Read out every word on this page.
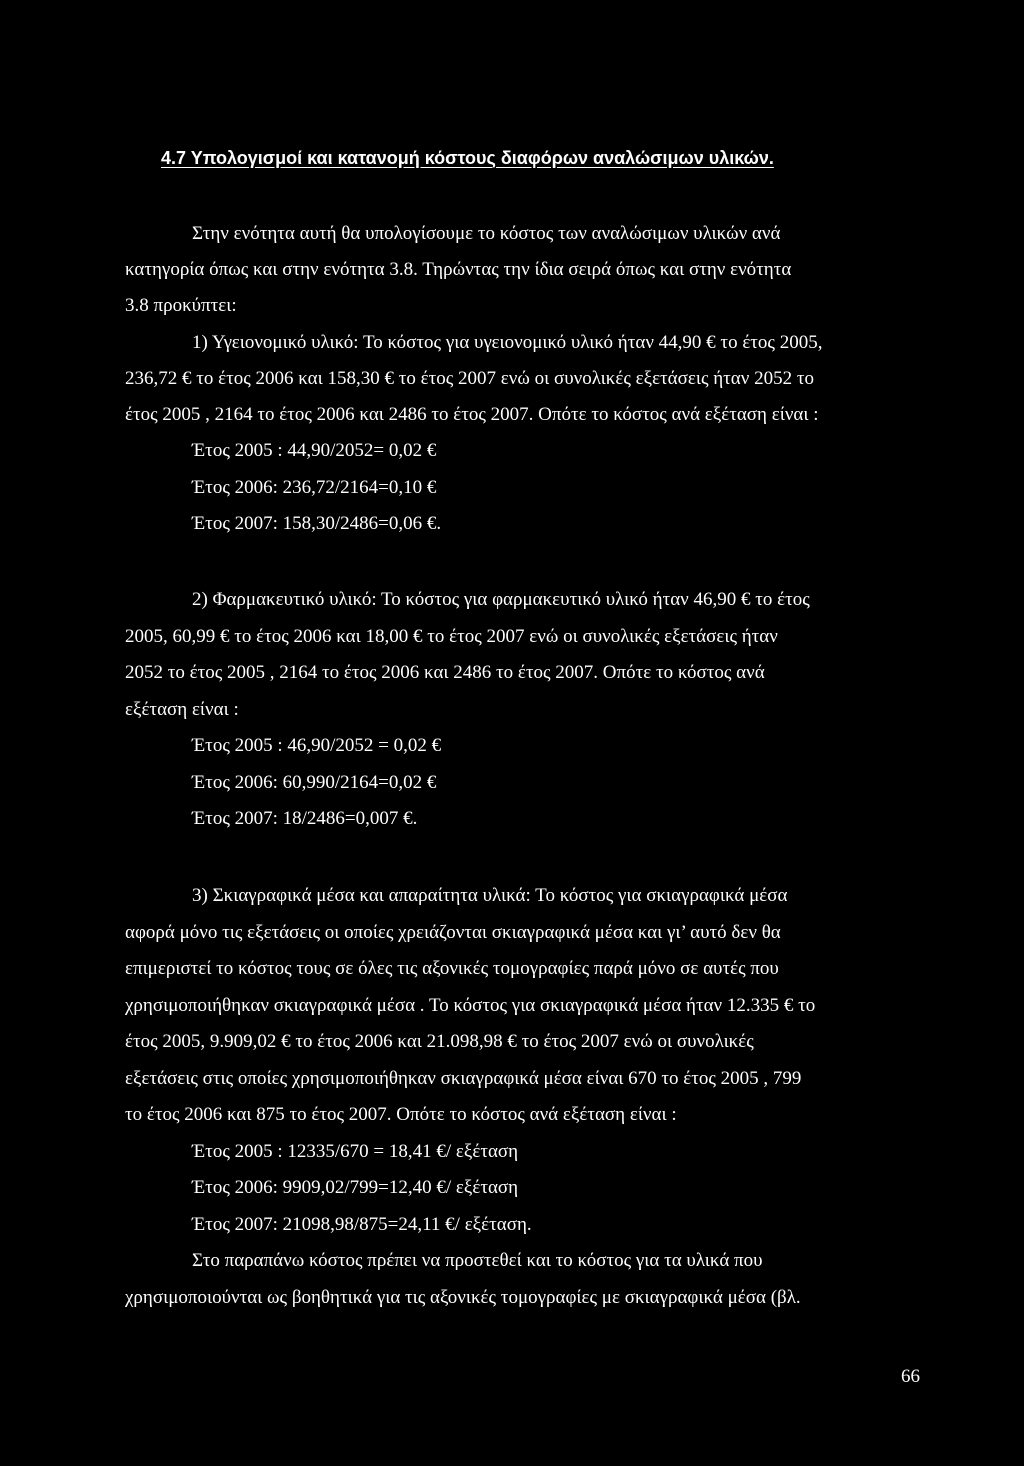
4.7 Υπολογισμοί και κατανομή κόστους διαφόρων αναλώσιμων υλικών.
Στην ενότητα αυτή θα υπολογίσουμε το κόστος των αναλώσιμων υλικών ανά
κατηγορία όπως και στην ενότητα 3.8. Τηρώντας την ίδια σειρά όπως και στην ενότητα
3.8 προκύπτει:
1) Υγειονομικό υλικό: Το κόστος για υγειονομικό υλικό ήταν 44,90 € το έτος 2005,
236,72 € το έτος 2006 και 158,30 € το έτος 2007 ενώ οι συνολικές εξετάσεις ήταν 2052 το
έτος 2005 , 2164 το έτος 2006 και 2486 το έτος 2007. Οπότε το κόστος ανά εξέταση είναι :
Έτος 2005 : 44,90/2052= 0,02 €
Έτος 2006: 236,72/2164=0,10 €
Έτος 2007: 158,30/2486=0,06 €.
2) Φαρμακευτικό υλικό: Το κόστος για φαρμακευτικό υλικό ήταν 46,90 € το έτος
2005, 60,99 € το έτος 2006 και 18,00 € το έτος 2007 ενώ οι συνολικές εξετάσεις ήταν
2052 το έτος 2005 , 2164 το έτος 2006 και 2486 το έτος 2007. Οπότε το κόστος ανά
εξέταση είναι :
Έτος 2005 : 46,90/2052 = 0,02 €
Έτος 2006: 60,990/2164=0,02 €
Έτος 2007: 18/2486=0,007 €.
3) Σκιαγραφικά μέσα και απαραίτητα υλικά: Το κόστος για σκιαγραφικά μέσα
αφορά μόνο τις εξετάσεις οι οποίες χρειάζονται σκιαγραφικά μέσα και γι’ αυτό δεν θα
επιμεριστεί το κόστος τους σε όλες τις αξονικές τομογραφίες παρά μόνο σε αυτές που
χρησιμοποιήθηκαν σκιαγραφικά μέσα . Το κόστος για σκιαγραφικά μέσα ήταν 12.335 € το
έτος 2005, 9.909,02 € το έτος 2006 και 21.098,98 € το έτος 2007 ενώ οι συνολικές
εξετάσεις στις οποίες χρησιμοποιήθηκαν σκιαγραφικά μέσα είναι 670 το έτος 2005 , 799
το έτος 2006 και 875 το έτος 2007. Οπότε το κόστος ανά εξέταση είναι :
Έτος 2005 : 12335/670 = 18,41 €/ εξέταση
Έτος 2006: 9909,02/799=12,40 €/ εξέταση
Έτος 2007: 21098,98/875=24,11 €/ εξέταση.
Στο παραπάνω κόστος πρέπει να προστεθεί και το κόστος για τα υλικά που
χρησιμοποιούνται ως βοηθητικά για τις αξονικές τομογραφίες με σκιαγραφικά μέσα (βλ.
66
